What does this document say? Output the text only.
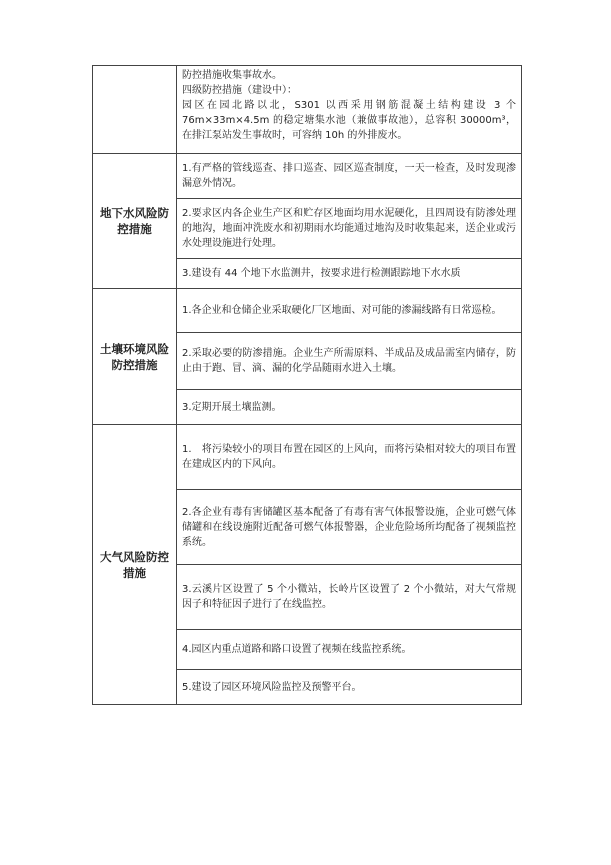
	防控措施收集事故水。
四级防控措施（建设中）：
园区在园北路以北，S301 以西采用钢筋混凝土结构建设 3 个 76m×33m×4.5m 的稳定塘集水池（兼做事故池），总容积 30000m³，在排江泵站发生事故时，可容纳 10h 的外排废水。

地下水风险防控措施	1.有严格的管线巡查、排口巡查、园区巡查制度，一天一检查，及时发现渗漏意外情况。
	2.要求区内各企业生产区和贮存区地面均用水泥硬化，且四周设有防渗处理的地沟，地面冲洗废水和初期雨水均能通过地沟及时收集起来，送企业或污水处理设施进行处理。
	3.建设有 44 个地下水监测井，按要求进行检测跟踪地下水水质
土壤环境风险防控措施	1.各企业和仓储企业采取硬化厂区地面、对可能的渗漏线路有日常巡检。
	2.采取必要的防渗措施。企业生产所需原料、半成品及成品需室内储存，防止由于跑、冒、滴、漏的化学品随雨水进入土壤。
	3.定期开展土壤监测。
大气风险防控措施	1.　将污染较小的项目布置在园区的上风向，而将污染相对较大的项目布置在建成区内的下风向。
	2.各企业有毒有害储罐区基本配备了有毒有害气体报警设施，企业可燃气体储罐和在线设施附近配备可燃气体报警器，企业危险场所均配备了视频监控系统。
	3.云溪片区设置了 5 个小微站，长岭片区设置了 2 个小微站，对大气常规因子和特征因子进行了在线监控。
	4.园区内重点道路和路口设置了视频在线监控系统。
	5.建设了园区环境风险监控及预警平台。
